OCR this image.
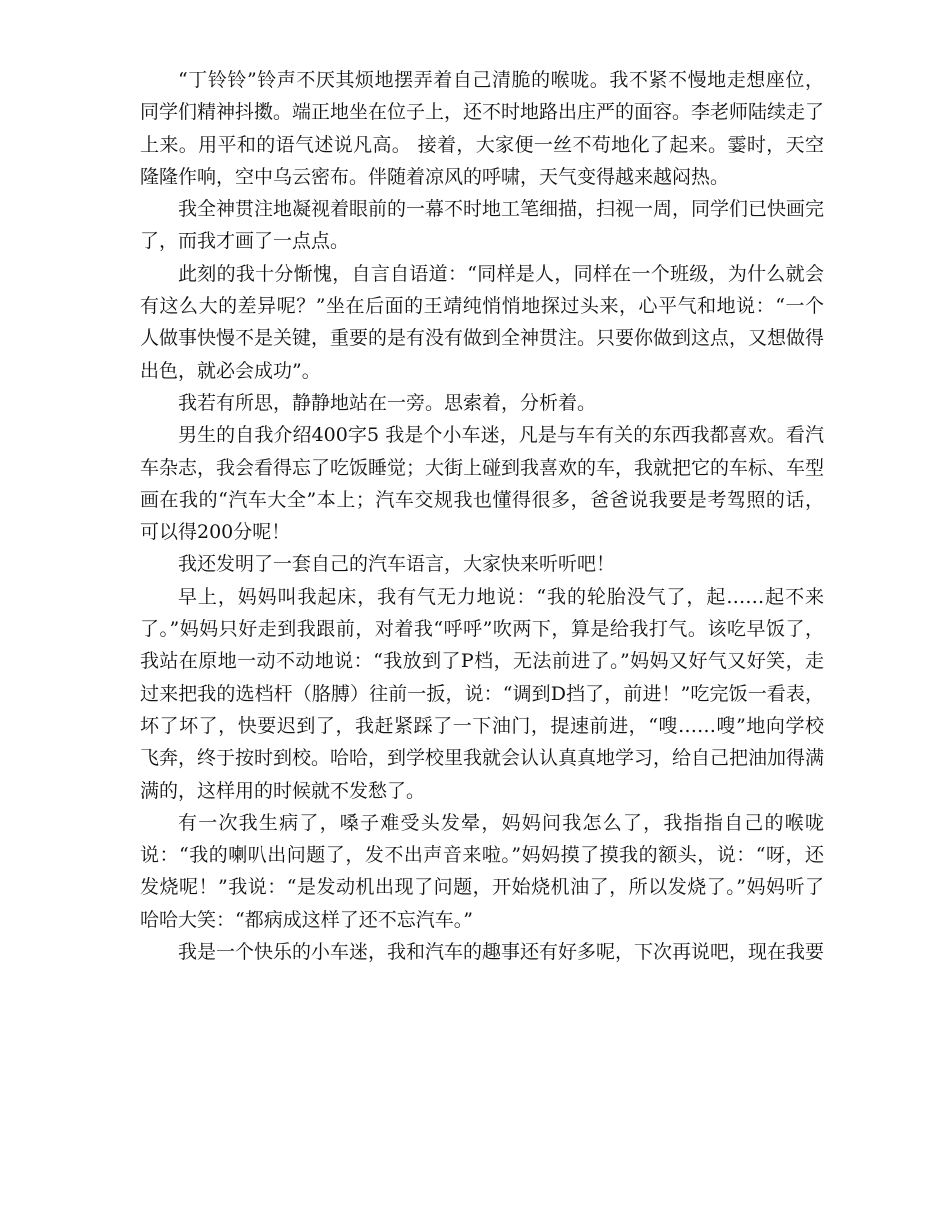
“丁铃铃”铃声不厌其烦地摆弄着自己清脆的喉咙。我不紧不慢地走想座位，同学们精神抖擞。端正地坐在位子上，还不时地路出庄严的面容。李老师陆续走了上来。用平和的语气述说凡高。 接着，大家便一丝不苟地化了起来。霎时，天空隆隆作响，空中乌云密布。伴随着凉风的呼啸，天气变得越来越闷热。

我全神贯注地凝视着眼前的一幕不时地工笔细描，扫视一周，同学们已快画完了，而我才画了一点点。

此刻的我十分惭愧，自言自语道：“同样是人，同样在一个班级，为什么就会有这么大的差异呢？”坐在后面的王靖纯悄悄地探过头来，心平气和地说：“一个人做事快慢不是关键，重要的是有没有做到全神贯注。只要你做到这点，又想做得出色，就必会成功”。

我若有所思，静静地站在一旁。思索着，分析着。

男生的自我介绍400字5 我是个小车迷，凡是与车有关的东西我都喜欢。看汽车杂志，我会看得忘了吃饭睡觉；大街上碰到我喜欢的车，我就把它的车标、车型画在我的“汽车大全”本上；汽车交规我也懂得很多，爸爸说我要是考驾照的话，可以得200分呢！

我还发明了一套自己的汽车语言，大家快来听听吧！

早上，妈妈叫我起床，我有气无力地说：“我的轮胎没气了，起……起不来了。”妈妈只好走到我跟前，对着我“呼呼”吹两下，算是给我打气。该吃早饭了，我站在原地一动不动地说：“我放到了P档，无法前进了。”妈妈又好气又好笑，走过来把我的选档杆（胳膊）往前一扳，说：“调到D挡了，前进！”吃完饭一看表，坏了坏了，快要迟到了，我赶紧踩了一下油门，提速前进，“嗖……嗖”地向学校飞奔，终于按时到校。哈哈，到学校里我就会认认真真地学习，给自己把油加得满满的，这样用的时候就不发愁了。

有一次我生病了，嗓子难受头发晕，妈妈问我怎么了，我指指自己的喉咙说：“我的喇叭出问题了，发不出声音来啦。”妈妈摸了摸我的额头，说：“呀，还发烧呢！”我说：“是发动机出现了问题，开始烧机油了，所以发烧了。”妈妈听了哈哈大笑：“都病成这样了还不忘汽车。”

我是一个快乐的小车迷，我和汽车的趣事还有好多呢，下次再说吧，现在我要
